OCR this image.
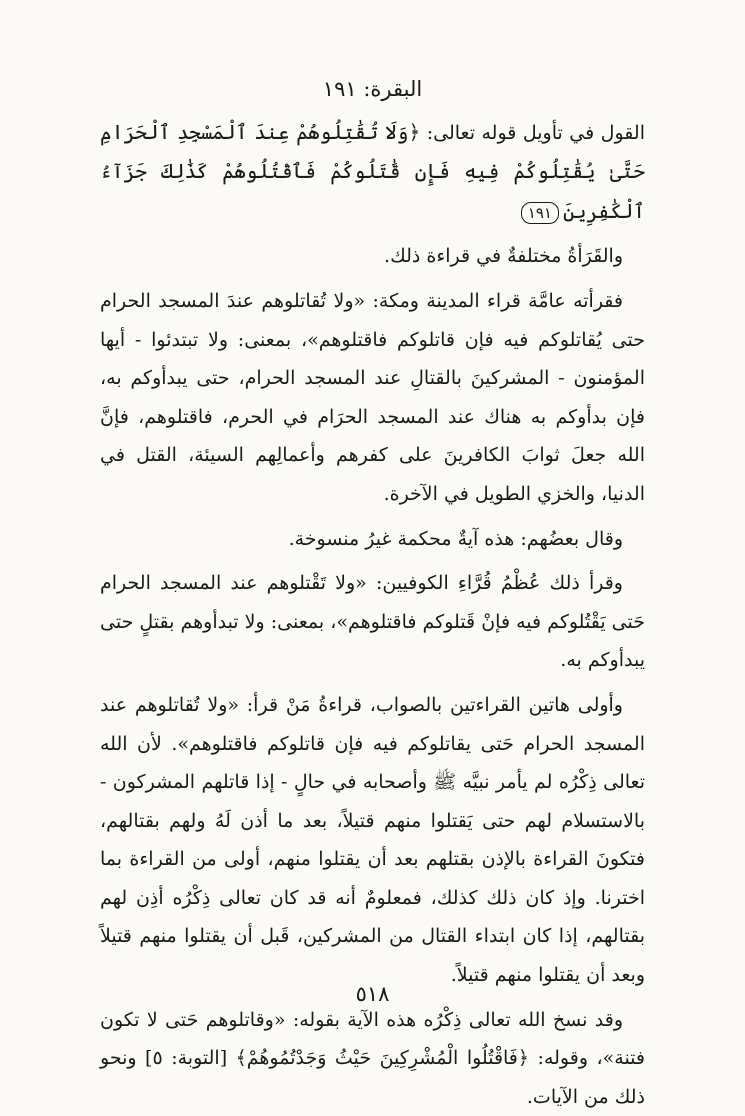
البقرة: ١٩١

القول في تأويل قوله تعالى: ﴿وَلَا تُقَٰتِلُوهُمْ عِندَ ٱلْمَسْجِدِ ٱلْحَرَامِ حَتَّىٰ يُقَٰتِلُوكُمْ فِيهِ فَإِن قَٰتَلُوكُمْ فَٱقْتُلُوهُمْ كَذَٰلِكَ جَزَآءُ ٱلْكَٰفِرِينَ١٩١

والقَرَأةُ مختلفةٌ في قراءة ذلك.

فقرأته عامَّة قراء المدينة ومكة: «ولا تُقاتلوهم عندَ المسجد الحرام حتى يُقاتلوكم فيه فإن قاتلوكم فاقتلوهم»، بمعنى: ولا تبتدئوا - أيها المؤمنون - المشركينَ بالقتالِ عند المسجد الحرام، حتى يبدأوكم به، فإن بدأوكم به هناك عند المسجد الحرَام في الحرم، فاقتلوهم، فإنَّ الله جعلَ ثوابَ الكافرينَ على كفرهم وأعمالِهم السيئة، القتل في الدنيا، والخزي الطويل في الآخرة.

وقال بعضُهم: هذه آيةٌ محكمة غيرُ منسوخة.

وقرأ ذلك عُظْمُ قُرَّاءِ الكوفيين: «ولا تَقْتلوهم عند المسجد الحرام حَتى يَقْتُلوكم فيه فإنْ قَتلوكم فاقتلوهم»، بمعنى: ولا تبدأوهم بقتلٍ حتى يبدأوكم به.

وأولى هاتين القراءتين بالصواب، قراءةُ مَنْ قرأ: «ولا تُقاتلوهم عند المسجد الحرام حَتى يقاتلوكم فيه فإن قاتلوكم فاقتلوهم». لأن الله تعالى ذِكْرُه لم يأمر نبيَّه ﷺ وأصحابه في حالٍ - إذا قاتلهم المشركون - بالاستسلام لهم حتى يَقتلوا منهم قتيلاً، بعد ما أذن لَهُ ولهم بقتالهم، فتكونَ القراءة بالإذن بقتلهم بعد أن يقتلوا منهم، أولى من القراءة بما اخترنا. وإذ كان ذلك كذلك، فمعلومٌ أنه قد كان تعالى ذِكْرُه أذِن لهم بقتالهم، إذا كان ابتداء القتال من المشركين، قَبل أن يقتلوا منهم قتيلاً وبعد أن يقتلوا منهم قتيلاً.

وقد نسخ الله تعالى ذِكْرُه هذه الآية بقوله: «وقاتلوهم حَتى لا تكون فتنة»، وقوله: ﴿فَاقْتُلُوا الْمُشْرِكِينَ حَيْثُ وَجَدْتُمُوهُمْ﴾ [التوبة: ٥] ونحو ذلك من الآيات.

٥١٨
